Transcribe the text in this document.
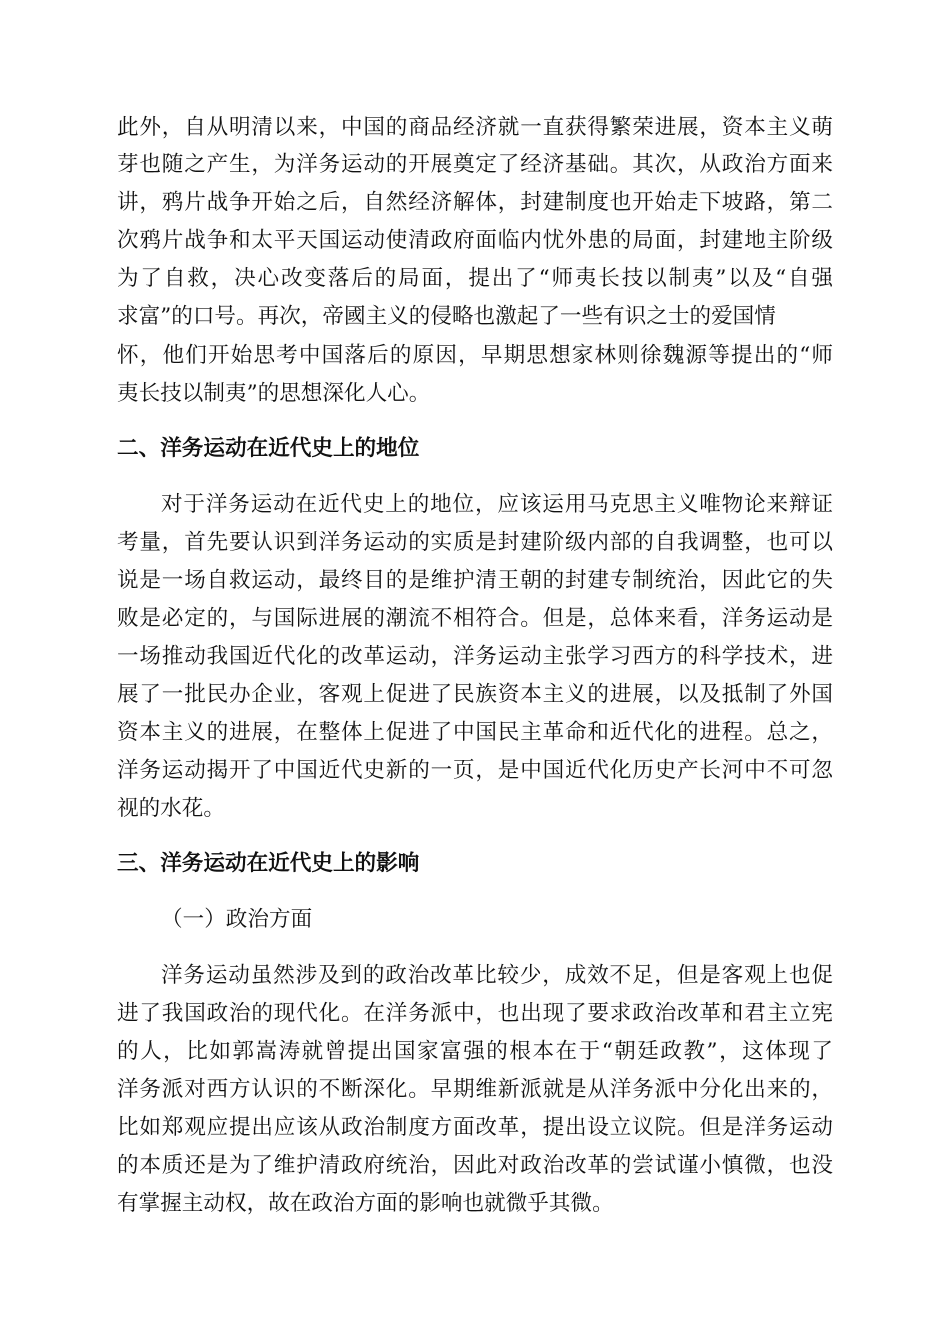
此外，自从明清以来，中国的商品经济就一直获得繁荣进展，资本主义萌
芽也随之产生，为洋务运动的开展奠定了经济基础。其次，从政治方面来
讲，鸦片战争开始之后，自然经济解体，封建制度也开始走下坡路，第二
次鸦片战争和太平天国运动使清政府面临内忧外患的局面，封建地主阶级
为了自救，决心改变落后的局面，提出了“师夷长技以制夷”以及“自强
求富”的口号。再次，帝國主义的侵略也激起了一些有识之士的爱国情
怀，他们开始思考中国落后的原因，早期思想家林则徐魏源等提出的“师
夷长技以制夷”的思想深化人心。
二、洋务运动在近代史上的地位
对于洋务运动在近代史上的地位，应该运用马克思主义唯物论来辩证
考量，首先要认识到洋务运动的实质是封建阶级内部的自我调整，也可以
说是一场自救运动，最终目的是维护清王朝的封建专制统治，因此它的失
败是必定的，与国际进展的潮流不相符合。但是，总体来看，洋务运动是
一场推动我国近代化的改革运动，洋务运动主张学习西方的科学技术，进
展了一批民办企业，客观上促进了民族资本主义的进展，以及抵制了外国
资本主义的进展，在整体上促进了中国民主革命和近代化的进程。总之，
洋务运动揭开了中国近代史新的一页，是中国近代化历史产长河中不可忽
视的水花。
三、洋务运动在近代史上的影响
（一）政治方面
洋务运动虽然涉及到的政治改革比较少，成效不足，但是客观上也促
进了我国政治的现代化。在洋务派中，也出现了要求政治改革和君主立宪
的人，比如郭嵩涛就曾提出国家富强的根本在于“朝廷政教”，这体现了
洋务派对西方认识的不断深化。早期维新派就是从洋务派中分化出来的，
比如郑观应提出应该从政治制度方面改革，提出设立议院。但是洋务运动
的本质还是为了维护清政府统治，因此对政治改革的尝试谨小慎微，也没
有掌握主动权，故在政治方面的影响也就微乎其微。
